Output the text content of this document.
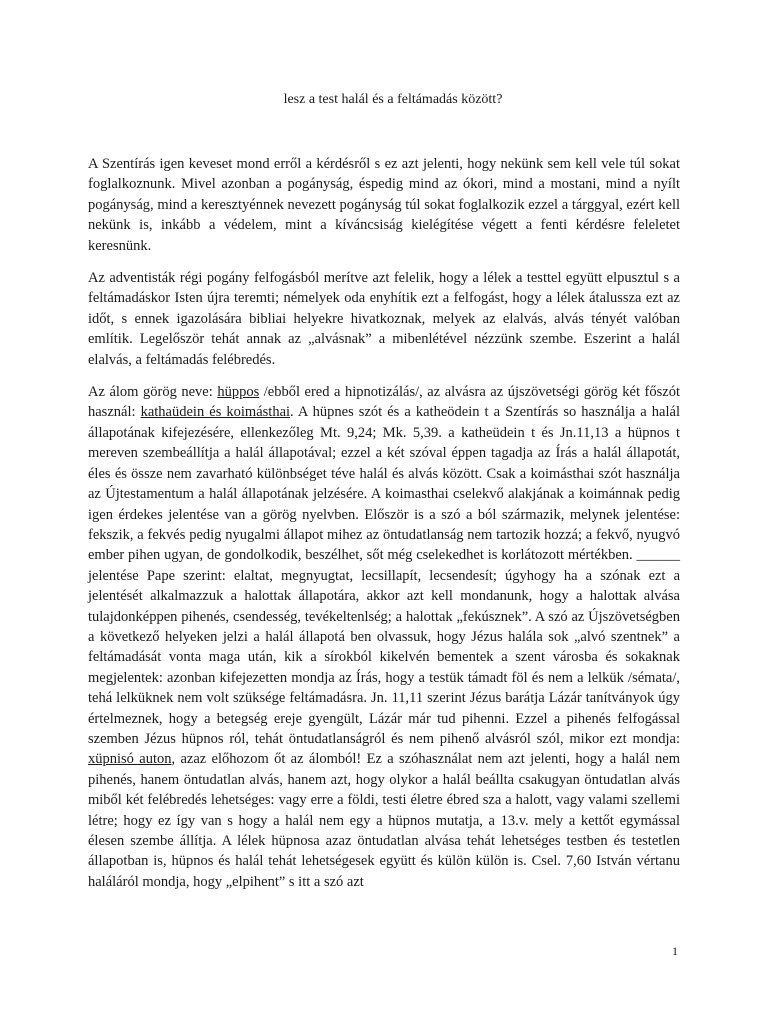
lesz a test halál és a feltámadás között?

A Szentírás igen keveset mond erről a kérdésről s ez azt jelenti, hogy nekünk sem kell vele túl sokat foglalkoznunk. Mivel azonban a pogányság, éspedig mind az ókori, mind a mostani, mind a nyílt pogányság, mind a keresztyénnek nevezett pogányság túl sokat foglalkozik ezzel a tárggyal, ezért kell nekünk is, inkább a védelem, mint a kíváncsiság kielégítése végett a fenti kérdésre feleletet keresnünk.

Az adventisták régi pogány felfogásból merítve azt felelik, hogy a lélek a testtel együtt elpusztul s a feltámadáskor Isten újra teremti; némelyek oda enyhítik ezt a felfogást, hogy a lélek átalussza ezt az időt, s ennek igazolására bibliai helyekre hivatkoznak, melyek az elalvás, alvás tényét valóban említik. Legelőször tehát annak az „alvásnak” a mibenlétével nézzünk szembe. Eszerint a halál elalvás, a feltámadás felébredés.

Az álom görög neve: hüppos /ebből ered a hipnotizálás/, az alvásra az újszövetségi görög két főszót használ: kathaüdein és koimásthai. A hüpnes szót és a katheödein t a Szentírás so használja a halál állapotának kifejezésére, ellenkezőleg Mt. 9,24; Mk. 5,39. a katheüdein t és Jn.11,13 a hüpnos t mereven szembeállítja a halál állapotával; ezzel a két szóval éppen tagadja az Írás a halál állapotát, éles és össze nem zavarható különbséget téve halál és alvás között. Csak a koimásthai szót használja az Újtestamentum a halál állapotának jelzésére. A koimasthai cselekvő alakjának a koimánnak pedig igen érdekes jelentése van a görög nyelvben. Először is a szó a ból származik, melynek jelentése: fekszik, a fekvés pedig nyugalmi állapot mihez az öntudatlanság nem tartozik hozzá; a fekvő, nyugvó ember pihen ugyan, de gondolkodik, beszélhet, sőt még cselekedhet is korlátozott mértékben. ______ jelentése Pape szerint: elaltat, megnyugtat, lecsillapít, lecsendesít; úgyhogy ha a szónak ezt a jelentését alkalmazzuk a halottak állapotára, akkor azt kell mondanunk, hogy a halottak alvása tulajdonképpen pihenés, csendesség, tevékeltenlség; a halottak „fekúsznek”. A szó az Újszövetségben a következő helyeken jelzi a halál állapotá ben olvassuk, hogy Jézus halála sok „alvó szentnek” a feltámadását vonta maga után, kik a sírokból kikelvén bementek a szent városba és sokaknak megjelentek: azonban kifejezetten mondja az Írás, hogy a testük támadt föl és nem a lelkük /sémata/, tehá lelküknek nem volt szüksége feltámadásra. Jn. 11,11 szerint Jézus barátja Lázár tanítványok úgy értelmeznek, hogy a betegség ereje gyengült, Lázár már tud pihenni. Ezzel a pihenés felfogással szemben Jézus hüpnos ról, tehát öntudatlanságról és nem pihenő alvásról szól, mikor ezt mondja: xüpnisó auton, azaz előhozom őt az álomból! Ez a szóhasználat nem azt jelenti, hogy a halál nem pihenés, hanem öntudatlan alvás, hanem azt, hogy olykor a halál beállta csakugyan öntudatlan alvás miből két felébredés lehetséges: vagy erre a földi, testi életre ébred sza a halott, vagy valami szellemi létre; hogy ez így van s hogy a halál nem egy a hüpnos mutatja, a 13.v. mely a kettőt egymással élesen szembe állítja. A lélek hüpnosa azaz öntudatlan alvása tehát lehetséges testben és testetlen állapotban is, hüpnos és halál tehát lehetségesek együtt és külön külön is. Csel. 7,60 István vértanu haláláról mondja, hogy „elpihent” s itt a szó azt

1
